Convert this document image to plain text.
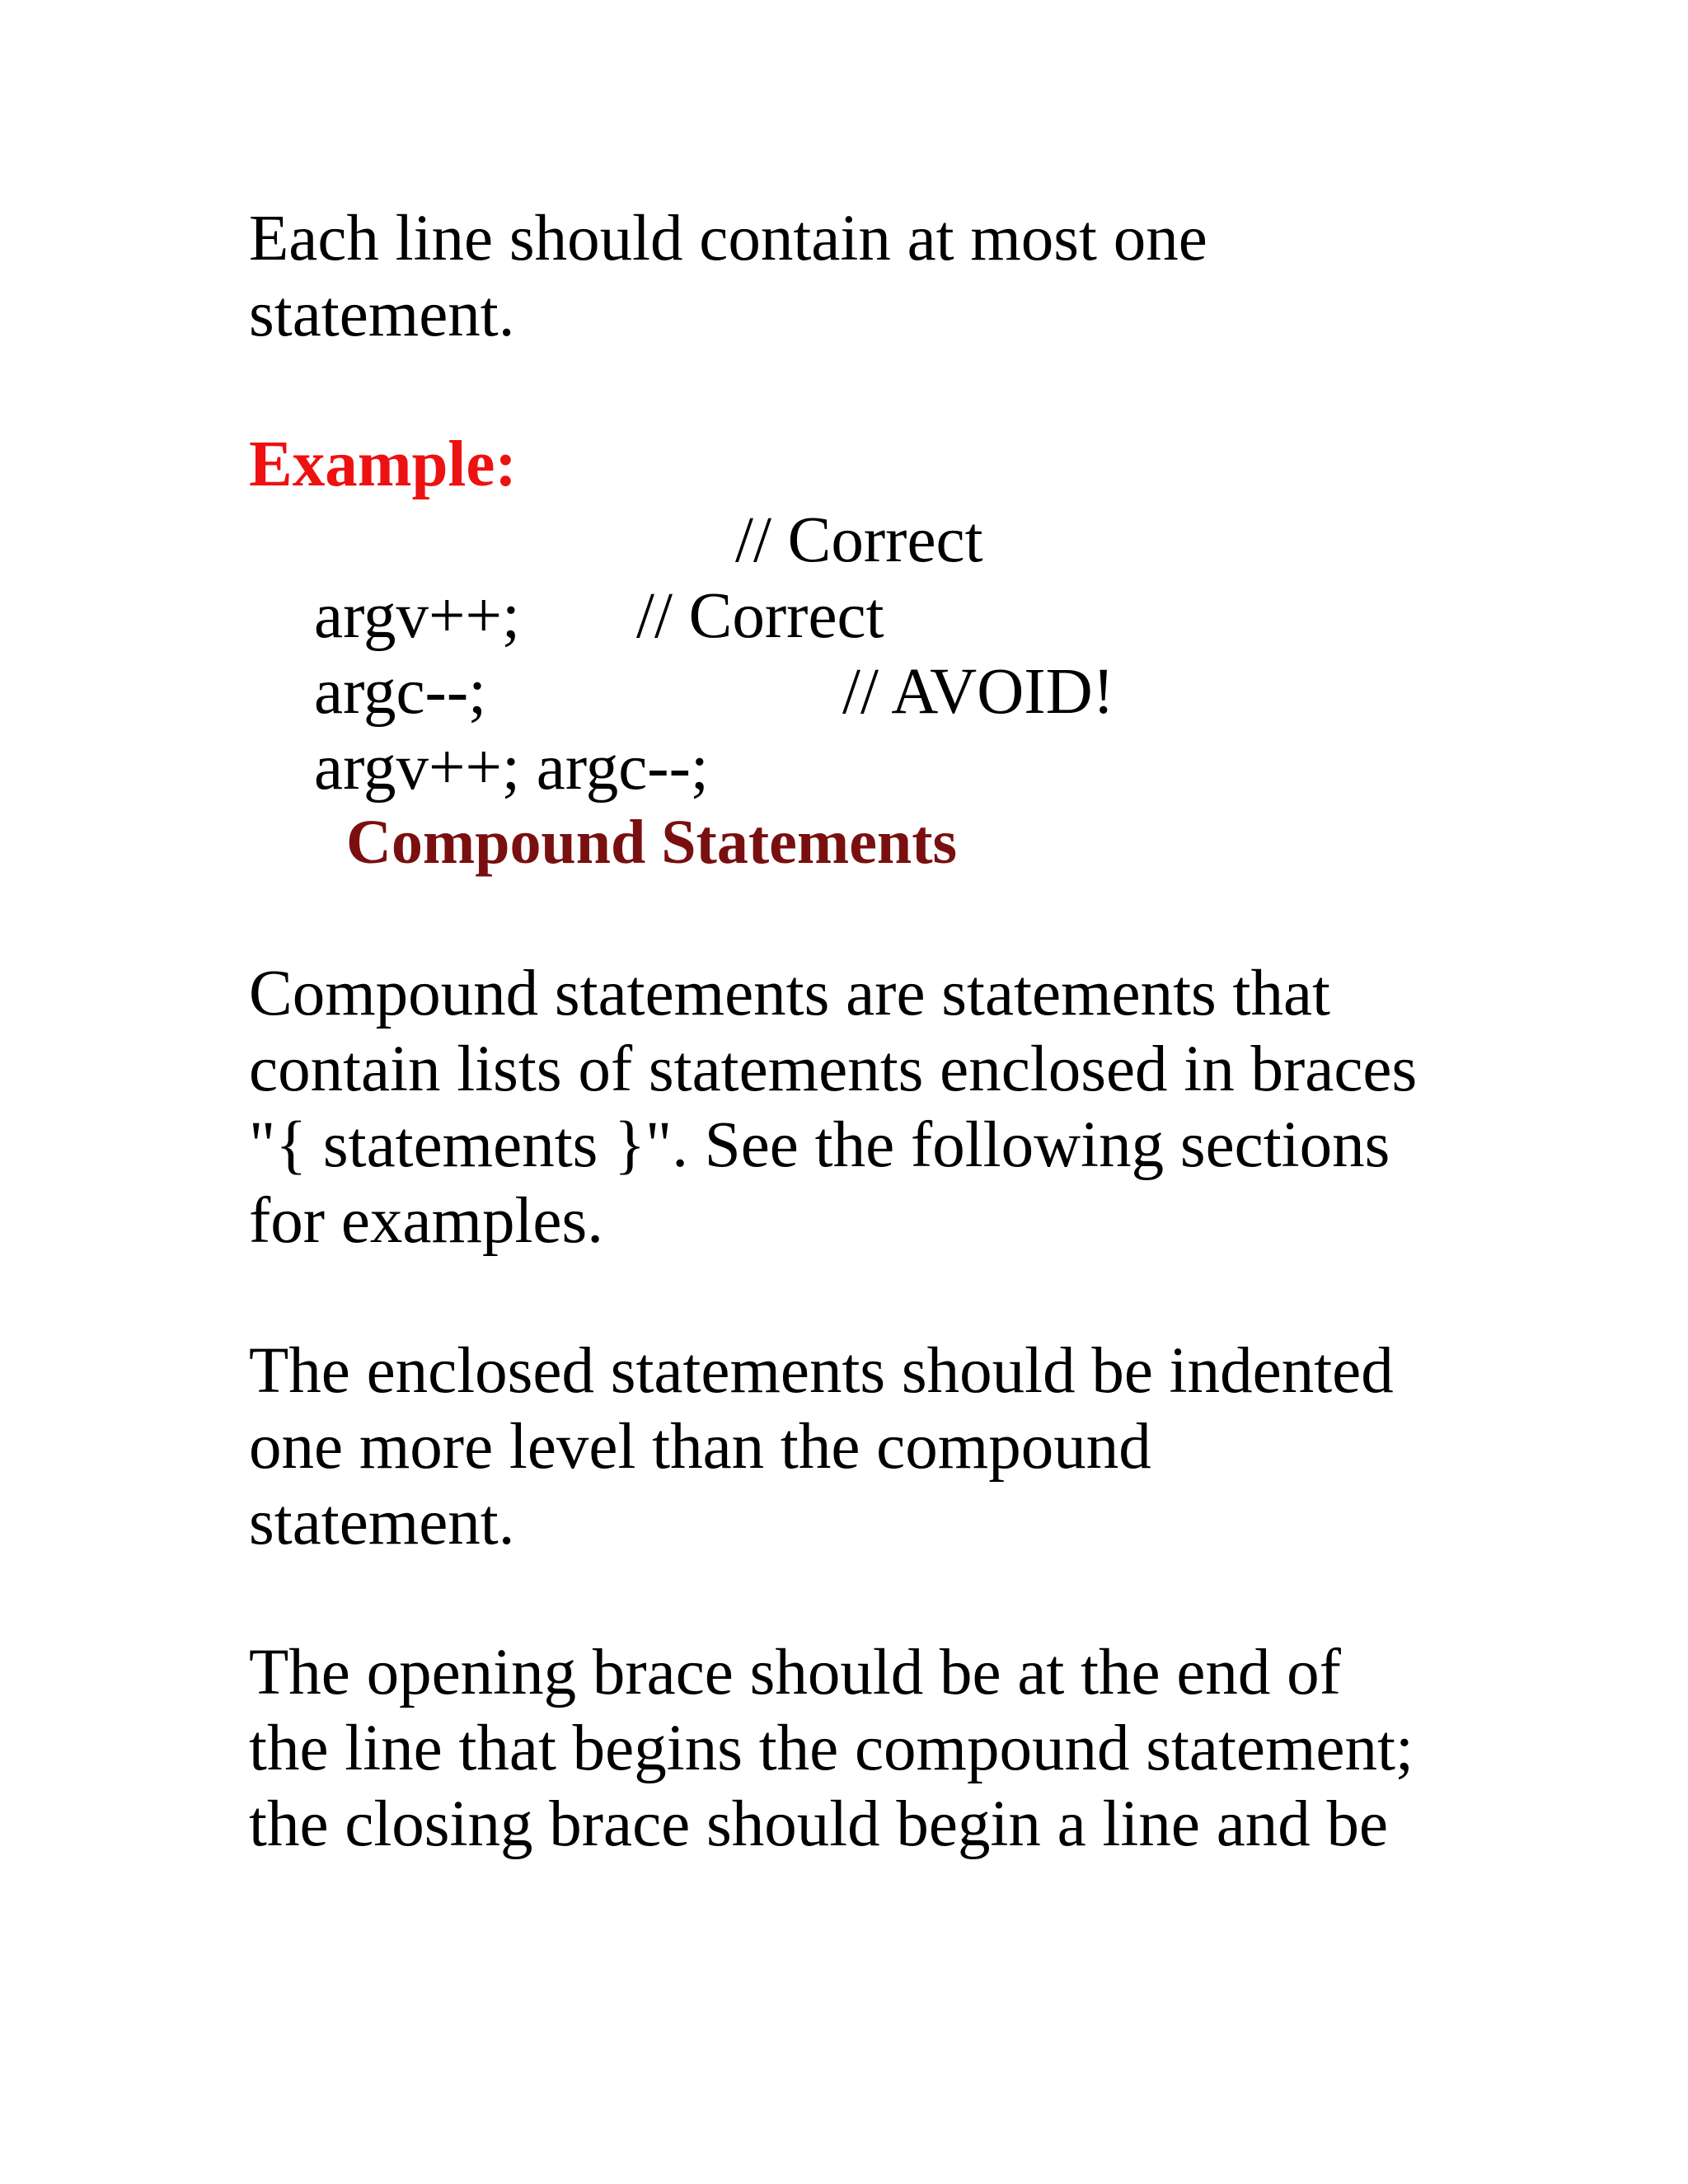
Each line should contain at most one
statement.
Example:

argv++;

// Correct

argc--;

// Correct

argv++; argc--;

// AVOID!

Compound Statements
Compound statements are statements that
contain lists of statements enclosed in braces
"{ statements }". See the following sections
for examples.
The enclosed statements should be indented
one more level than the compound
statement.
The opening brace should be at the end of
the line that begins the compound statement;
the closing brace should begin a line and be
